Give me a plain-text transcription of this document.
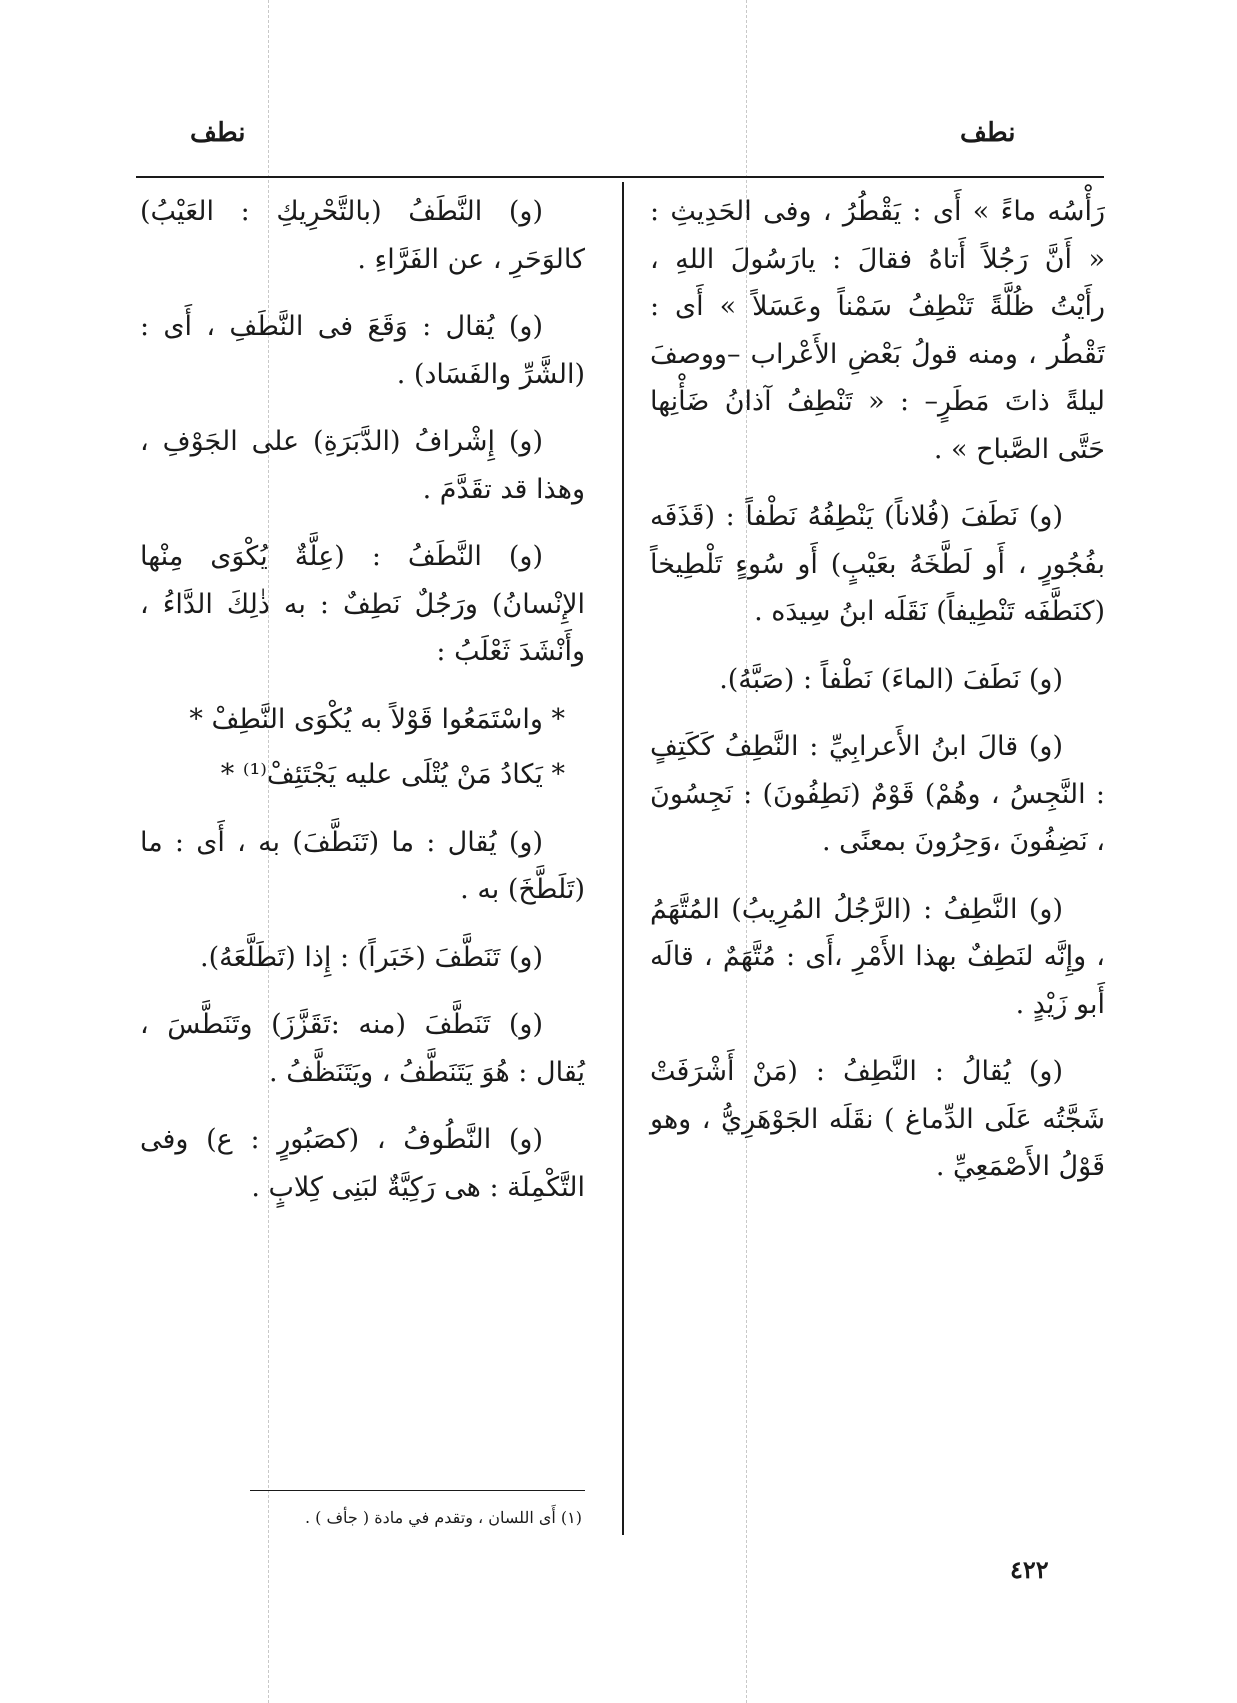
نطف
نطف

رَأْسُه ماءً » أَى : يَقْطُرُ ، وفى الحَدِيثِ : « أَنَّ رَجُلاً أَتاهُ فقالَ : يارَسُولَ اللهِ ، رأَيْتُ ظُلَّةً تَنْطِفُ سَمْناً وعَسَلاً » أَى : تَقْطُر ، ومنه قولُ بَعْضِ الأَعْراب –ووصفَ ليلةً ذاتَ مَطَرٍ– : « تَنْطِفُ آذانُ ضَأْنِها حَتَّى الصَّباح » .

(و) نَطَفَ (فُلاناً) يَنْطِفُهُ نَطْفاً : (قَذَفَه بفُجُورٍ ، أَو لَطَّخَهُ بعَيْبٍ) أَو سُوءٍ تَلْطِيخاً (كنَطَّفَه تَنْطِيفاً) نَقَلَه ابنُ سِيدَه .

(و) نَطَفَ (الماءَ) نَطْفاً : (صَبَّهُ).

(و) قالَ ابنُ الأَعرابِيِّ : النَّطِفُ كَكَتِفٍ : النَّجِسُ ، وهُمْ) قَوْمٌ (نَطِفُونَ) : نَجِسُونَ ، نَضِفُونَ ،وَحِرُونَ بمعنًى .

(و) النَّطِفُ : (الرَّجُلُ المُرِيبُ) المُتَّهَمُ ، وإِنَّه لنَطِفٌ بهذا الأَمْرِ ،أَى : مُتَّهَمٌ ، قالَه أَبو زَيْدٍ .

(و) يُقالُ : النَّطِفُ : (مَنْ أَشْرَفَتْ شَجَّتُه عَلَى الدِّماغ ) نقَلَه الجَوْهَرِيُّ ، وهو قَوْلُ الأَصْمَعِيِّ .

(و) النَّطَفُ (بالتَّحْرِيكِ : العَيْبُ) كالوَحَرِ ، عن الفَرَّاءِ .

(و) يُقال : وَقَعَ فى النَّطَفِ ، أَى : (الشَّرِّ والفَسَاد) .

(و) إِشْرافُ (الدَّبَرَةِ) على الجَوْفِ ، وهذا قد تقَدَّمَ .

(و) النَّطَفُ : (عِلَّةٌ يُكْوَى مِنْها الإِنْسانُ) ورَجُلٌ نَطِفٌ : به ذٰلِكَ الدَّاءُ ، وأَنْشَدَ ثَعْلَبُ :

* واسْتَمَعُوا قَوْلاً به يُكْوَى النَّطِفْ *

* يَكادُ مَنْ يُتْلَى عليه يَجْتَئِفْ⁽¹⁾ *

(و) يُقال : ما (تَنَطَّفَ) به ، أَى : ما (تَلَطَّخَ) به .

(و) تَنَطَّفَ (خَبَراً) : إِذا (تَطَلَّعَهُ).

(و) تَنَطَّفَ (منه :تَقَزَّزَ) وتَنَطَّسَ ، يُقال : هُوَ يَتَنَطَّفُ ، ويَتَنَظَّفُ .

(و) النَّطُوفُ ، (كصَبُورٍ : ع) وفى التَّكْمِلَة : هى رَكِيَّةٌ لبَنِى كِلابٍ .

(١) أَى اللسان ، وتقدم في مادة ( جأف ) .
٤٢٢
